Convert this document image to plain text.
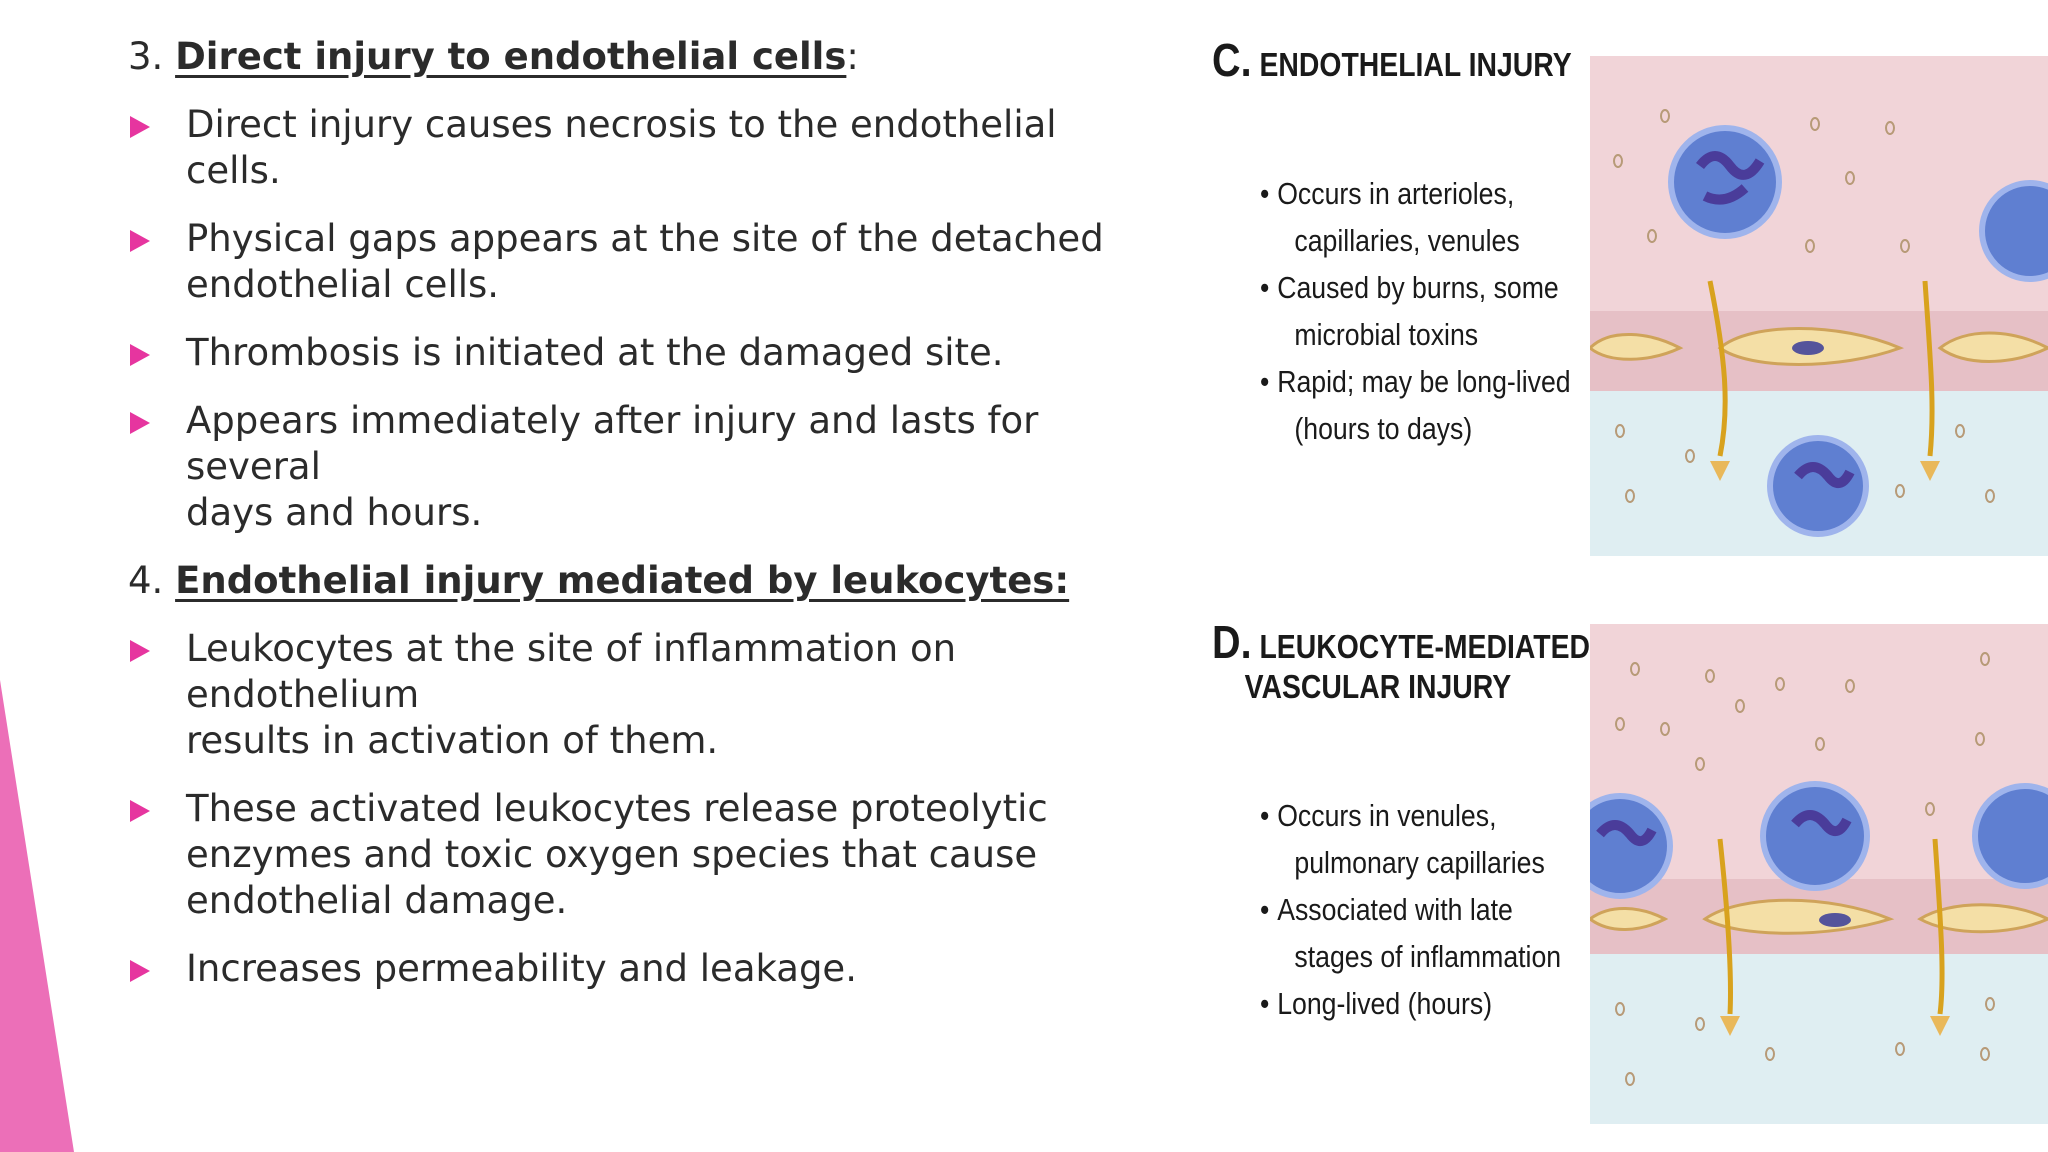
3. Direct injury to endothelial cells:
Direct injury causes necrosis to the endothelial cells.
Physical gaps appears at the site of the detached
endothelial cells.
Thrombosis is initiated at the damaged site.
Appears immediately after injury and lasts for several
days and hours.
4. Endothelial injury mediated by leukocytes:
Leukocytes at the site of inflammation on endothelium
results in activation of them.
These activated leukocytes release proteolytic
enzymes and toxic oxygen species that cause
endothelial damage.
Increases permeability and leakage.
C. ENDOTHELIAL INJURY
• Occurs in arterioles,
capillaries, venules
• Caused by burns, some
microbial toxins
• Rapid; may be long-lived
(hours to days)
D. LEUKOCYTE-MEDIATED
VASCULAR INJURY
• Occurs in venules,
pulmonary capillaries
• Associated with late
stages of inflammation
• Long-lived (hours)
